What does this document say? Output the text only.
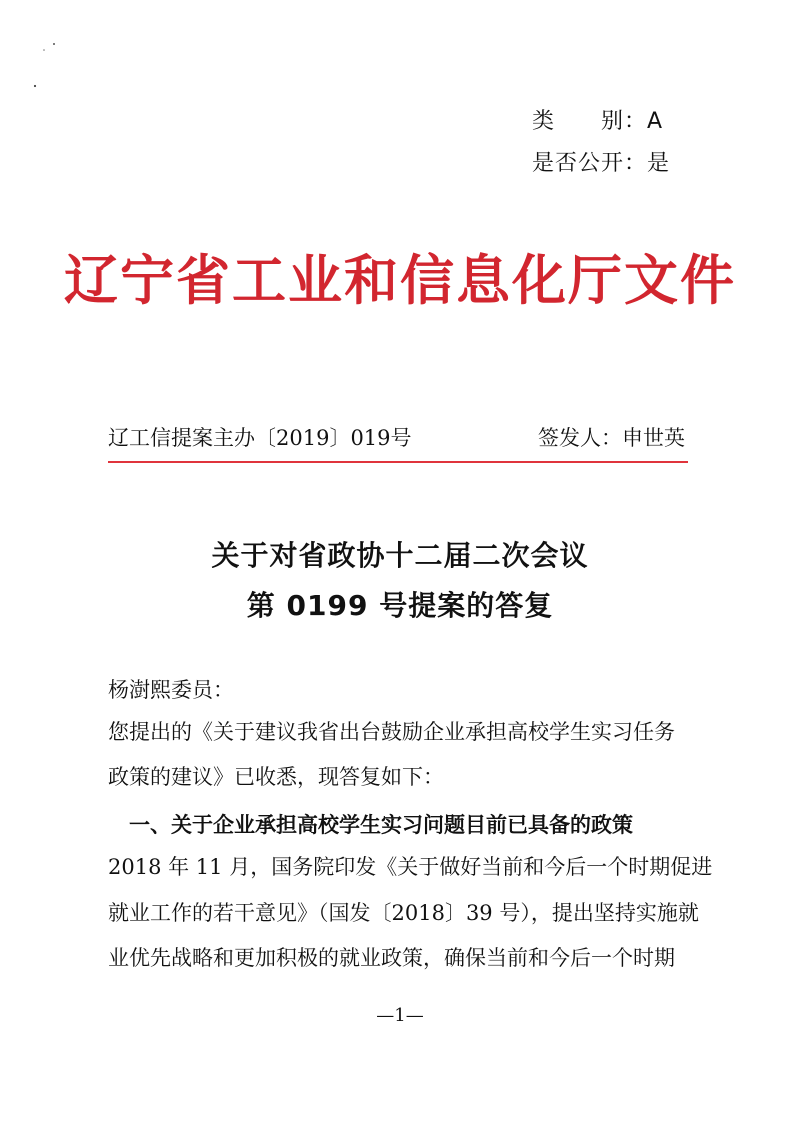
类　　别：A
是否公开：是
辽宁省工业和信息化厅文件
辽工信提案主办〔2019〕019号	签发人：申世英
关于对省政协十二届二次会议
第 0199 号提案的答复
杨澍熙委员：
您提出的《关于建议我省出台鼓励企业承担高校学生实习任务
政策的建议》已收悉，现答复如下：
　一、关于企业承担高校学生实习问题目前已具备的政策
2018 年 11 月，国务院印发《关于做好当前和今后一个时期促进
就业工作的若干意见》（国发〔2018〕39 号），提出坚持实施就
业优先战略和更加积极的就业政策，确保当前和今后一个时期
—1—
